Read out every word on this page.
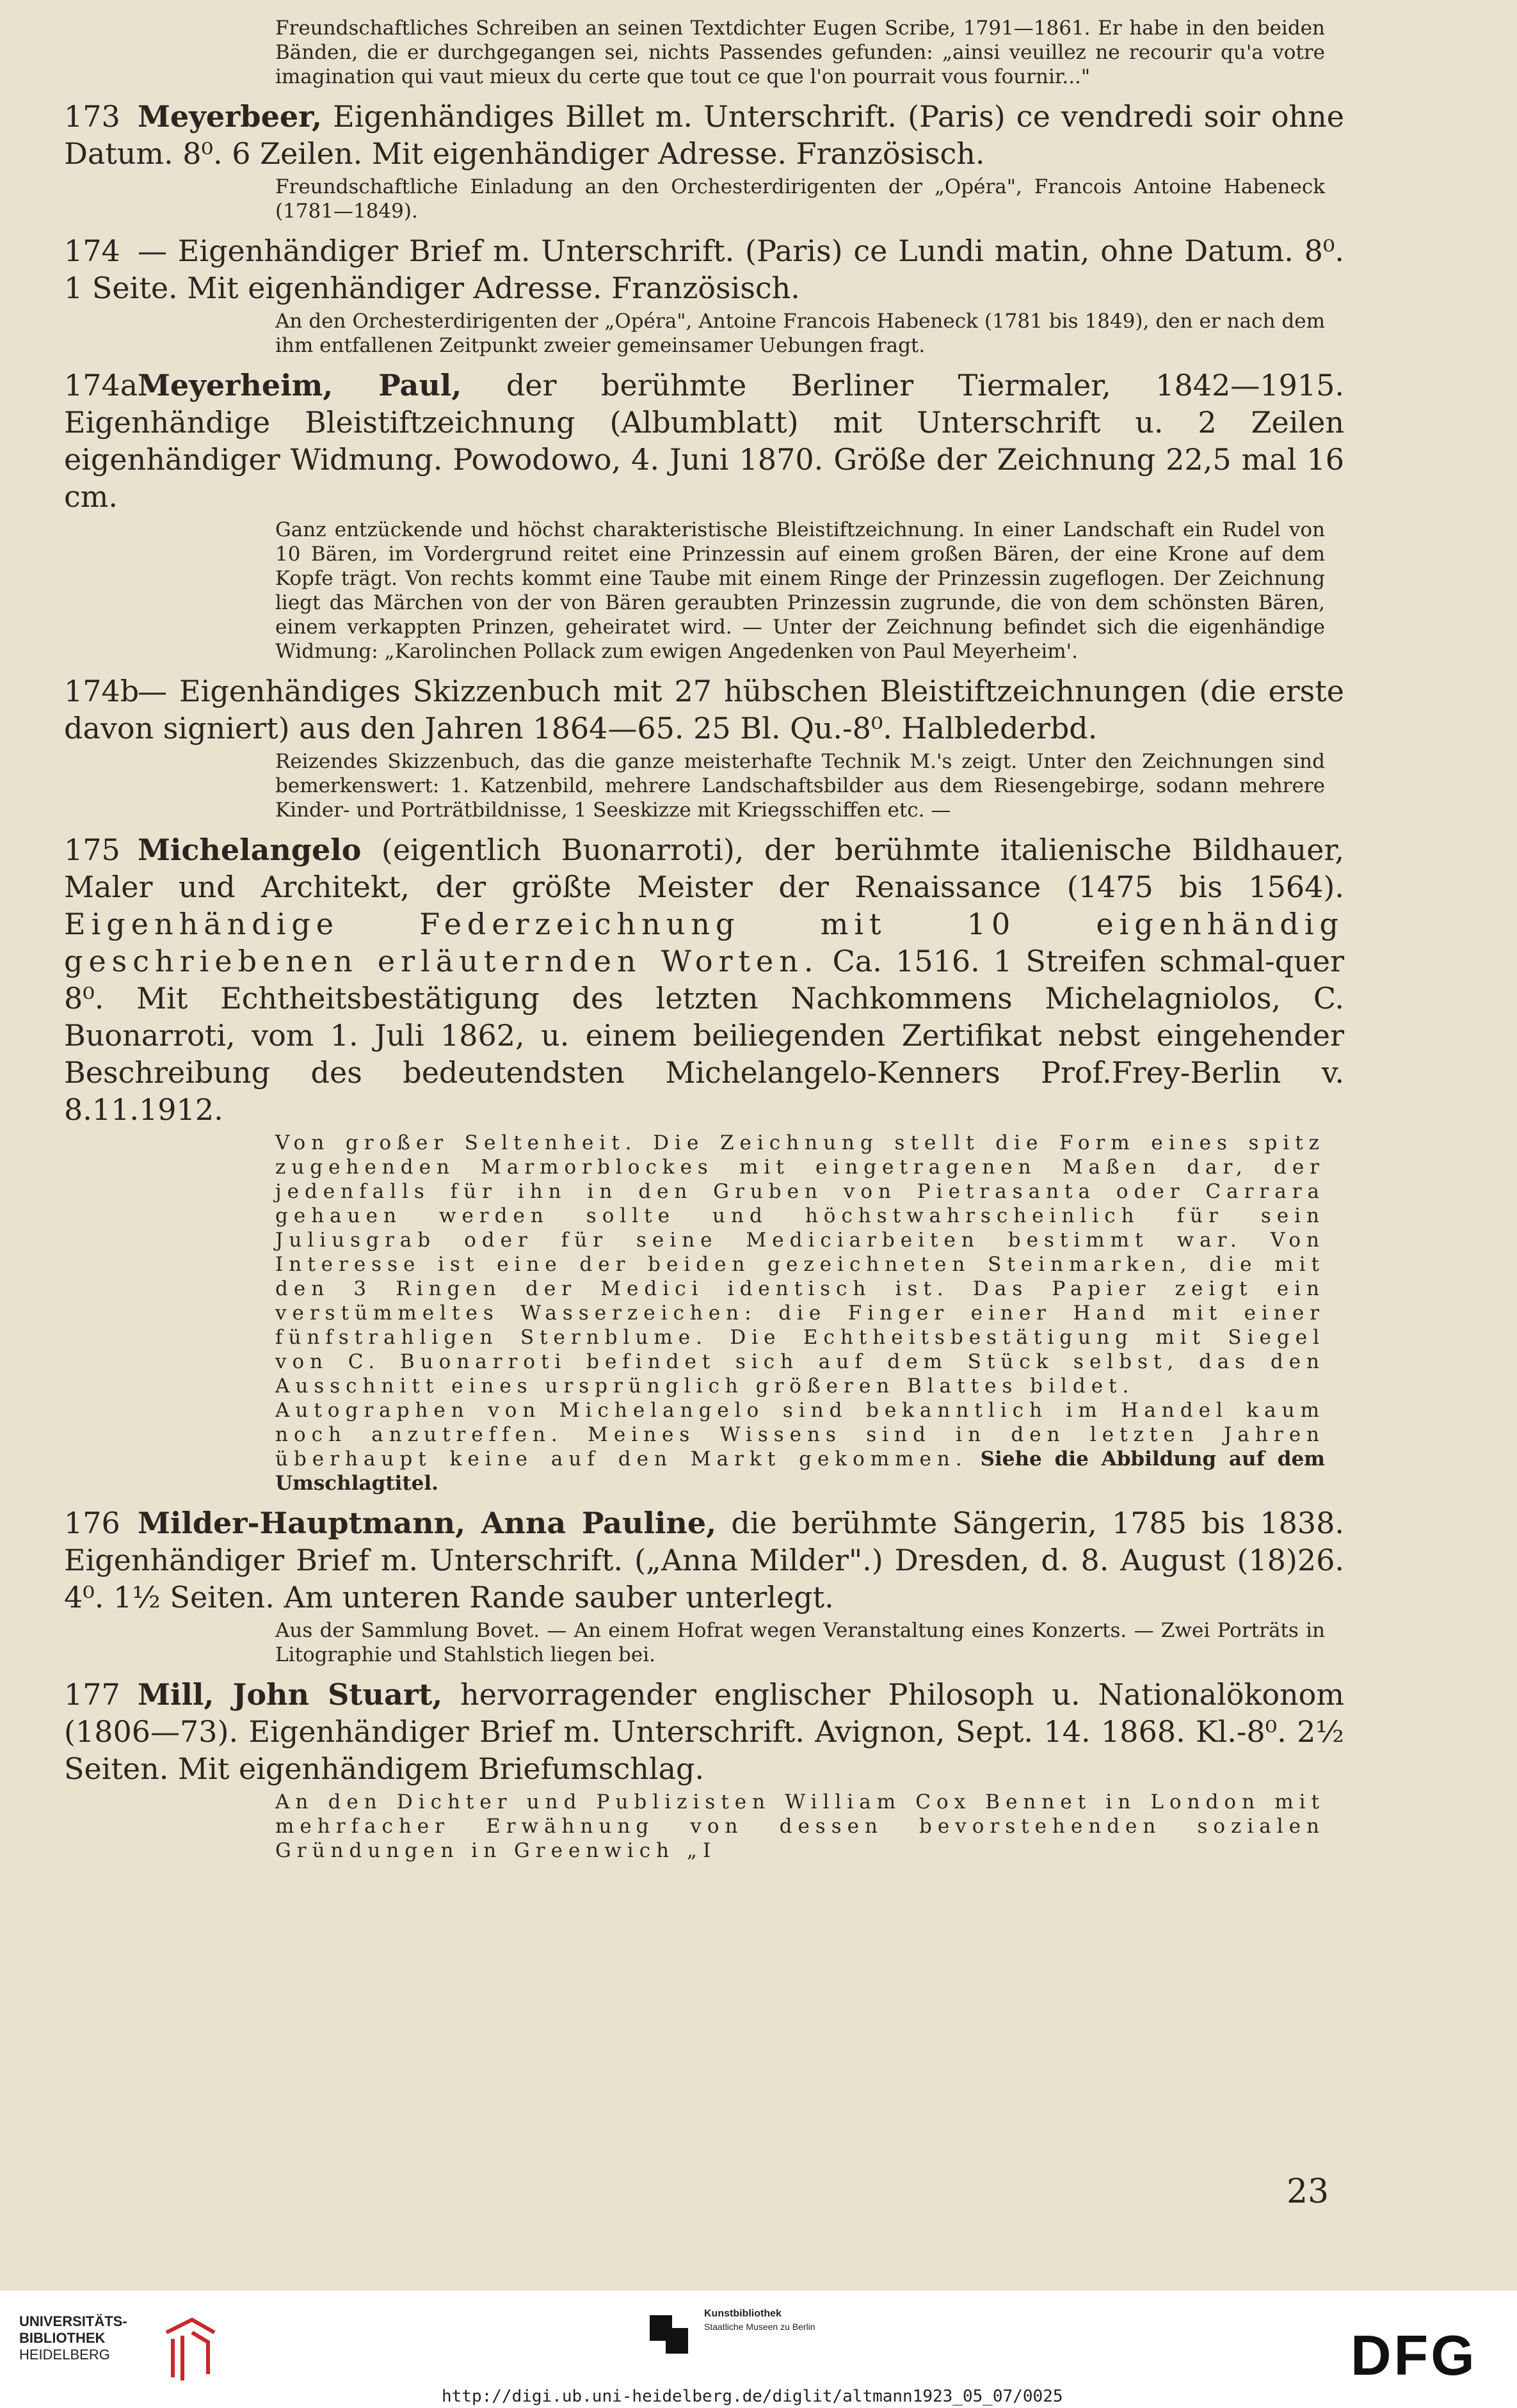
Freundschaftliches Schreiben an seinen Textdichter Eugen Scribe, 1791—1861. Er habe in den beiden Bänden, die er durchgegangen sei, nichts Passendes gefunden: „ainsi veuillez ne recourir qu'a votre imagination qui vaut mieux du certe que tout ce que l'on pourrait vous fournir..."

173 Meyerbeer, Eigenhändiges Billet m. Unterschrift. (Paris) ce vendredi soir ohne Datum. 8⁰. 6 Zeilen. Mit eigenhändiger Adresse. Französisch.
Freundschaftliche Einladung an den Orchesterdirigenten der „Opéra", Francois Antoine Habeneck (1781—1849).
174 — Eigenhändiger Brief m. Unterschrift. (Paris) ce Lundi matin, ohne Datum. 8⁰. 1 Seite. Mit eigenhändiger Adresse. Französisch.
An den Orchesterdirigenten der „Opéra", Antoine Francois Habeneck (1781 bis 1849), den er nach dem ihm entfallenen Zeitpunkt zweier gemeinsamer Uebungen fragt.
174aMeyerheim, Paul, der berühmte Berliner Tiermaler, 1842—1915. Eigenhändige Bleistiftzeichnung (Albumblatt) mit Unterschrift u. 2 Zeilen eigenhändiger Widmung. Powodowo, 4. Juni 1870. Größe der Zeichnung 22,5 mal 16 cm.
Ganz entzückende und höchst charakteristische Bleistiftzeichnung. In einer Landschaft ein Rudel von 10 Bären, im Vordergrund reitet eine Prinzessin auf einem großen Bären, der eine Krone auf dem Kopfe trägt. Von rechts kommt eine Taube mit einem Ringe der Prinzessin zugeflogen. Der Zeichnung liegt das Märchen von der von Bären geraubten Prinzessin zugrunde, die von dem schönsten Bären, einem verkappten Prinzen, geheiratet wird. — Unter der Zeichnung befindet sich die eigenhändige Widmung: „Karolinchen Pollack zum ewigen Angedenken von Paul Meyerheim'.
174b— Eigenhändiges Skizzenbuch mit 27 hübschen Bleistiftzeichnungen (die erste davon signiert) aus den Jahren 1864—65. 25 Bl. Qu.-8⁰. Halblederbd.
Reizendes Skizzenbuch, das die ganze meisterhafte Technik M.'s zeigt. Unter den Zeichnungen sind bemerkenswert: 1. Katzenbild, mehrere Landschaftsbilder aus dem Riesengebirge, sodann mehrere Kinder- und Porträtbildnisse, 1 Seeskizze mit Kriegsschiffen etc. —
175 Michelangelo (eigentlich Buonarroti), der berühmte italienische Bildhauer, Maler und Architekt, der größte Meister der Renaissance (1475 bis 1564). Eigenhändige Federzeichnung mit 10 eigenhändig geschriebenen erläuternden Worten. Ca. 1516. 1 Streifen schmal-quer 8⁰. Mit Echtheitsbestätigung des letzten Nachkommens Michelagniolos, C. Buonarroti, vom 1. Juli 1862, u. einem beiliegenden Zertifikat nebst eingehender Beschreibung des bedeutendsten Michelangelo-Kenners Prof.Frey-Berlin v. 8.11.1912.
Von großer Seltenheit. Die Zeichnung stellt die Form eines spitz zugehenden Marmorblockes mit eingetragenen Maßen dar, der jedenfalls für ihn in den Gruben von Pietrasanta oder Carrara gehauen werden sollte und höchstwahrscheinlich für sein Juliusgrab oder für seine Mediciarbeiten bestimmt war. Von Interesse ist eine der beiden gezeichneten Steinmarken, die mit den 3 Ringen der Medici identisch ist. Das Papier zeigt ein verstümmeltes Wasserzeichen: die Finger einer Hand mit einer fünfstrahligen Sternblume. Die Echtheitsbestätigung mit Siegel von C. Buonarroti befindet sich auf dem Stück selbst, das den Ausschnitt eines ursprünglich größeren Blattes bildet.
Autographen von Michelangelo sind bekanntlich im Handel kaum noch anzutreffen. Meines Wissens sind in den letzten Jahren überhaupt keine auf den Markt gekommen. Siehe die Abbildung auf dem Umschlagtitel.
176 Milder-Hauptmann, Anna Pauline, die berühmte Sängerin, 1785 bis 1838. Eigenhändiger Brief m. Unterschrift. („Anna Milder".) Dresden, d. 8. August (18)26. 4⁰. 1½ Seiten. Am unteren Rande sauber unterlegt.
Aus der Sammlung Bovet. — An einem Hofrat wegen Veranstaltung eines Konzerts. — Zwei Porträts in Litographie und Stahlstich liegen bei.
177 Mill, John Stuart, hervorragender englischer Philosoph u. Nationalökonom (1806—73). Eigenhändiger Brief m. Unterschrift. Avignon, Sept. 14. 1868. Kl.-8⁰. 2½ Seiten. Mit eigenhändigem Briefumschlag.
An den Dichter und Publizisten William Cox Bennet in London mit mehrfacher Erwähnung von dessen bevorstehenden sozialen Gründungen in Greenwich „I
23
UNIVERSITÄTS-
BIBLIOTHEK
HEIDELBERG
Kunstbibliothek
Staatliche Museen zu Berlin	DFG
http://digi.ub.uni-heidelberg.de/diglit/altmann1923_05_07/0025
